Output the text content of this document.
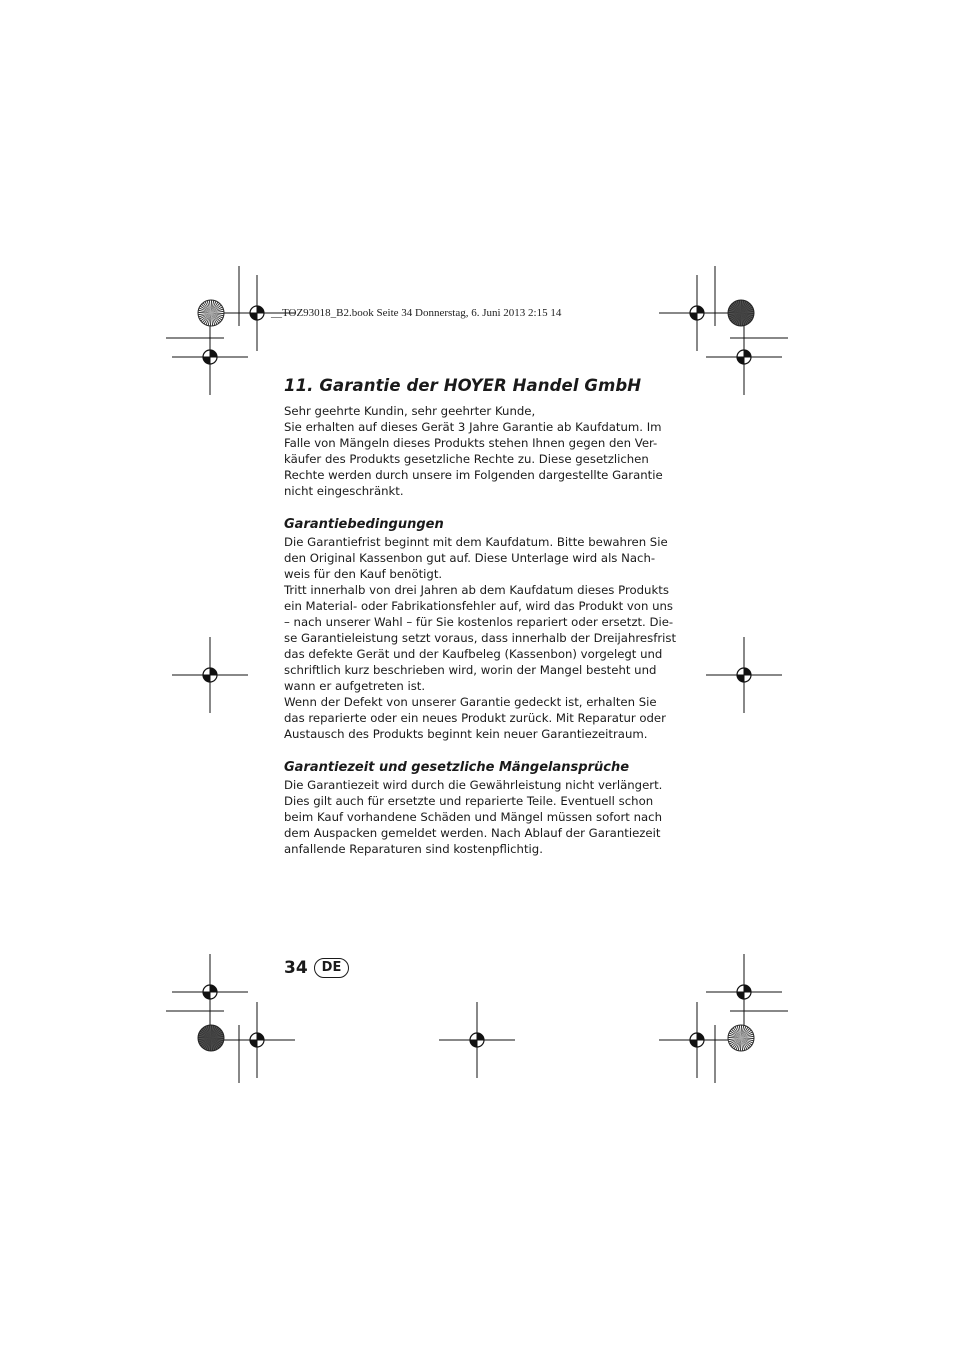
__TOZ93018_B2.book Seite 34 Donnerstag, 6. Juni 2013 2:15 14
11. Garantie der HOYER Handel GmbH
Sehr geehrte Kundin, sehr geehrter Kunde,
Sie erhalten auf dieses Gerät 3 Jahre Garantie ab Kaufdatum. Im
Falle von Mängeln dieses Produkts stehen Ihnen gegen den Ver-
käufer des Produkts gesetzliche Rechte zu. Diese gesetzlichen
Rechte werden durch unsere im Folgenden dargestellte Garantie
nicht eingeschränkt.
Garantiebedingungen
Die Garantiefrist beginnt mit dem Kaufdatum. Bitte bewahren Sie
den Original Kassenbon gut auf. Diese Unterlage wird als Nach-
weis für den Kauf benötigt.
Tritt innerhalb von drei Jahren ab dem Kaufdatum dieses Produkts
ein Material- oder Fabrikationsfehler auf, wird das Produkt von uns
– nach unserer Wahl – für Sie kostenlos repariert oder ersetzt. Die-
se Garantieleistung setzt voraus, dass innerhalb der Dreijahresfrist
das defekte Gerät und der Kaufbeleg (Kassenbon) vorgelegt und
schriftlich kurz beschrieben wird, worin der Mangel besteht und
wann er aufgetreten ist.
Wenn der Defekt von unserer Garantie gedeckt ist, erhalten Sie
das reparierte oder ein neues Produkt zurück. Mit Reparatur oder
Austausch des Produkts beginnt kein neuer Garantiezeitraum.
Garantiezeit und gesetzliche Mängelansprüche
Die Garantiezeit wird durch die Gewährleistung nicht verlängert.
Dies gilt auch für ersetzte und reparierte Teile. Eventuell schon
beim Kauf vorhandene Schäden und Mängel müssen sofort nach
dem Auspacken gemeldet werden. Nach Ablauf der Garantiezeit
anfallende Reparaturen sind kostenpflichtig.
34	DE
